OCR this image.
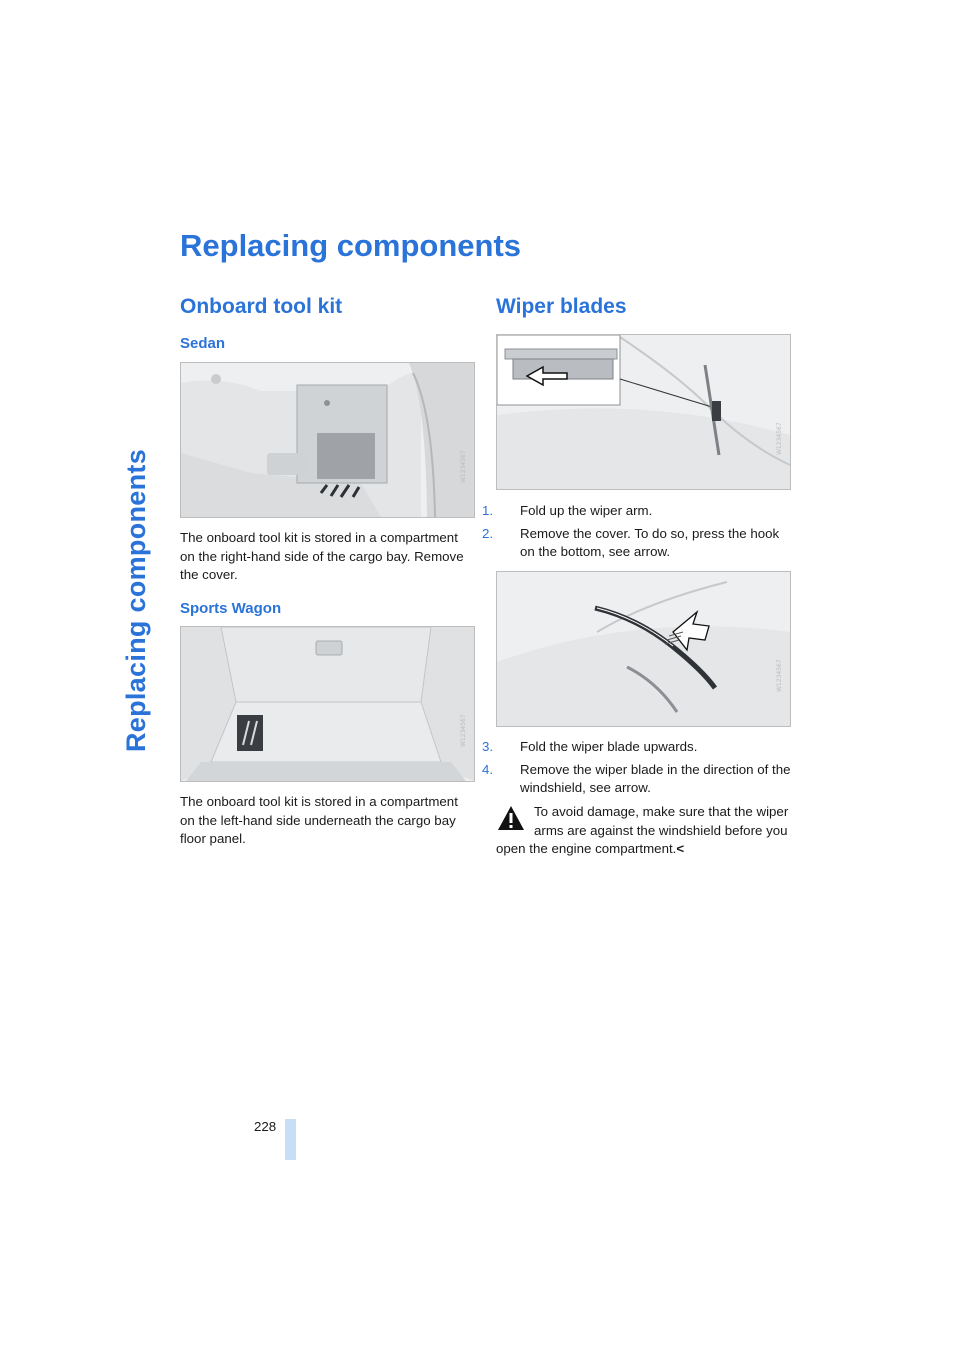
Replacing components
Replacing components
Onboard tool kit
Sedan
W1234567

The onboard tool kit is stored in a compartment on the right-hand side of the cargo bay. Remove the cover.

Sports Wagon
W1234567

The onboard tool kit is stored in a compartment on the left-hand side underneath the cargo bay floor panel.

Wiper blades
W1234567
1. Fold up the wiper arm.
2. Remove the cover. To do so, press the hook on the bottom, see arrow.
W1234567
3. Fold the wiper blade upwards.
4. Remove the wiper blade in the direction of the windshield, see arrow.
To avoid damage, make sure that the wiper arms are against the windshield before you open the engine compartment.<
228
